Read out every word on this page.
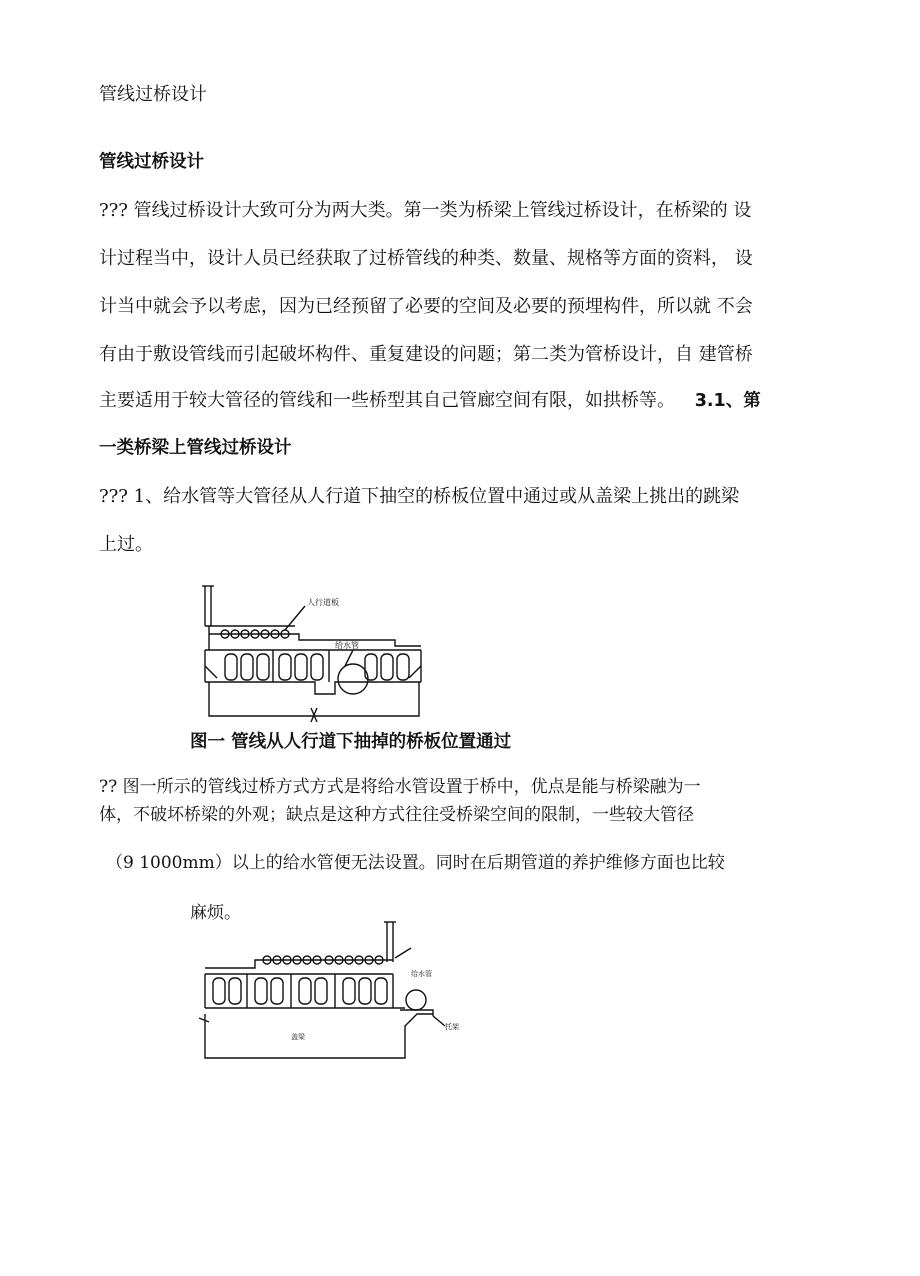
管线过桥设计
管线过桥设计
??? 管线过桥设计大致可分为两大类。第一类为桥梁上管线过桥设计，在桥梁的 设
计过程当中，设计人员已经获取了过桥管线的种类、数量、规格等方面的资料， 设
计当中就会予以考虑，因为已经预留了必要的空间及必要的预埋构件，所以就 不会
有由于敷设管线而引起破坏构件、重复建设的问题；第二类为管桥设计，自 建管桥
主要适用于较大管径的管线和一些桥型其自己管廊空间有限，如拱桥等。 3.1、第
一类桥梁上管线过桥设计
??? 1、给水管等大管径从人行道下抽空的桥板位置中通过或从盖梁上挑出的跳梁
上过。
人行道板
给水管
图一 管线从人行道下抽掉的桥板位置通过
?? 图一所示的管线过桥方式方式是将给水管设置于桥中，优点是能与桥梁融为一
体，不破坏桥梁的外观；缺点是这种方式往往受桥梁空间的限制，一些较大管径
（9 1000mm）以上的给水管便无法设置。同时在后期管道的养护维修方面也比较
麻烦。
给水管
盖梁
托架
